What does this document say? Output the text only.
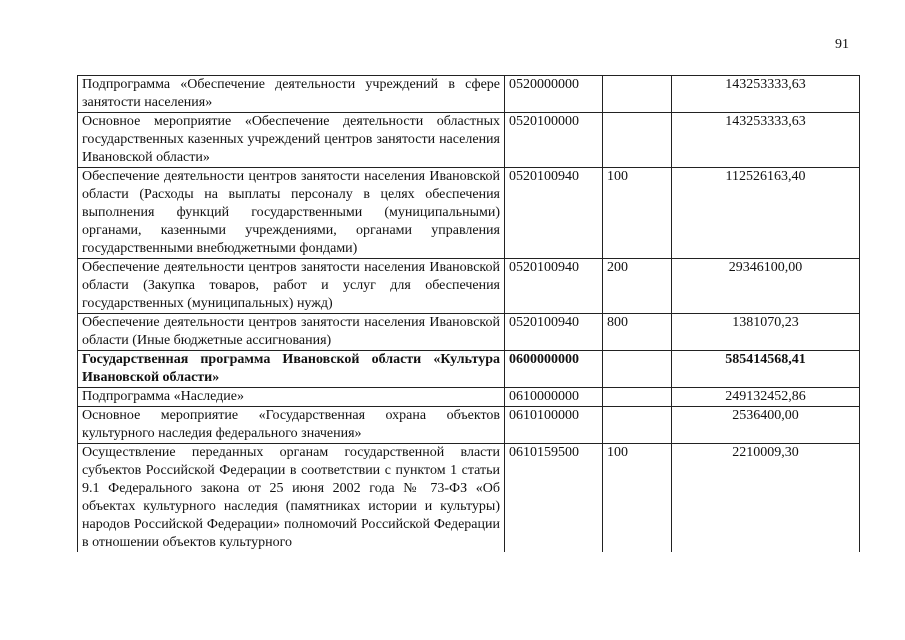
91
Подпрограмма «Обеспечение деятельности учреждений в сфере занятости населения»	0520000000		143253333,63
Основное мероприятие «Обеспечение деятельности областных государственных казенных учреждений центров занятости населения Ивановской области»	0520100000		143253333,63
Обеспечение деятельности центров занятости населения Ивановской области (Расходы на выплаты персоналу в целях обеспечения выполнения функций государственными (муниципальными) органами, казенными учреждениями, органами управления государственными внебюджетными фондами)	0520100940	100	112526163,40
Обеспечение деятельности центров занятости населения Ивановской области (Закупка товаров, работ и услуг для обеспечения государственных (муниципальных) нужд)	0520100940	200	29346100,00
Обеспечение деятельности центров занятости населения Ивановской области (Иные бюджетные ассигнования)	0520100940	800	1381070,23
Государственная программа Ивановской области «Культура Ивановской области»	0600000000		585414568,41
Подпрограмма «Наследие»	0610000000		249132452,86
Основное мероприятие «Государственная охрана объектов культурного наследия федерального значения»	0610100000		2536400,00
Осуществление переданных органам государственной власти субъектов Российской Федерации в соответствии с пунктом 1 статьи 9.1 Федерального закона от 25 июня 2002 года № 73-ФЗ «Об объектах культурного наследия (памятниках истории и культуры) народов Российской Федерации» полномочий Российской Федерации в отношении объектов культурного	0610159500	100	2210009,30
